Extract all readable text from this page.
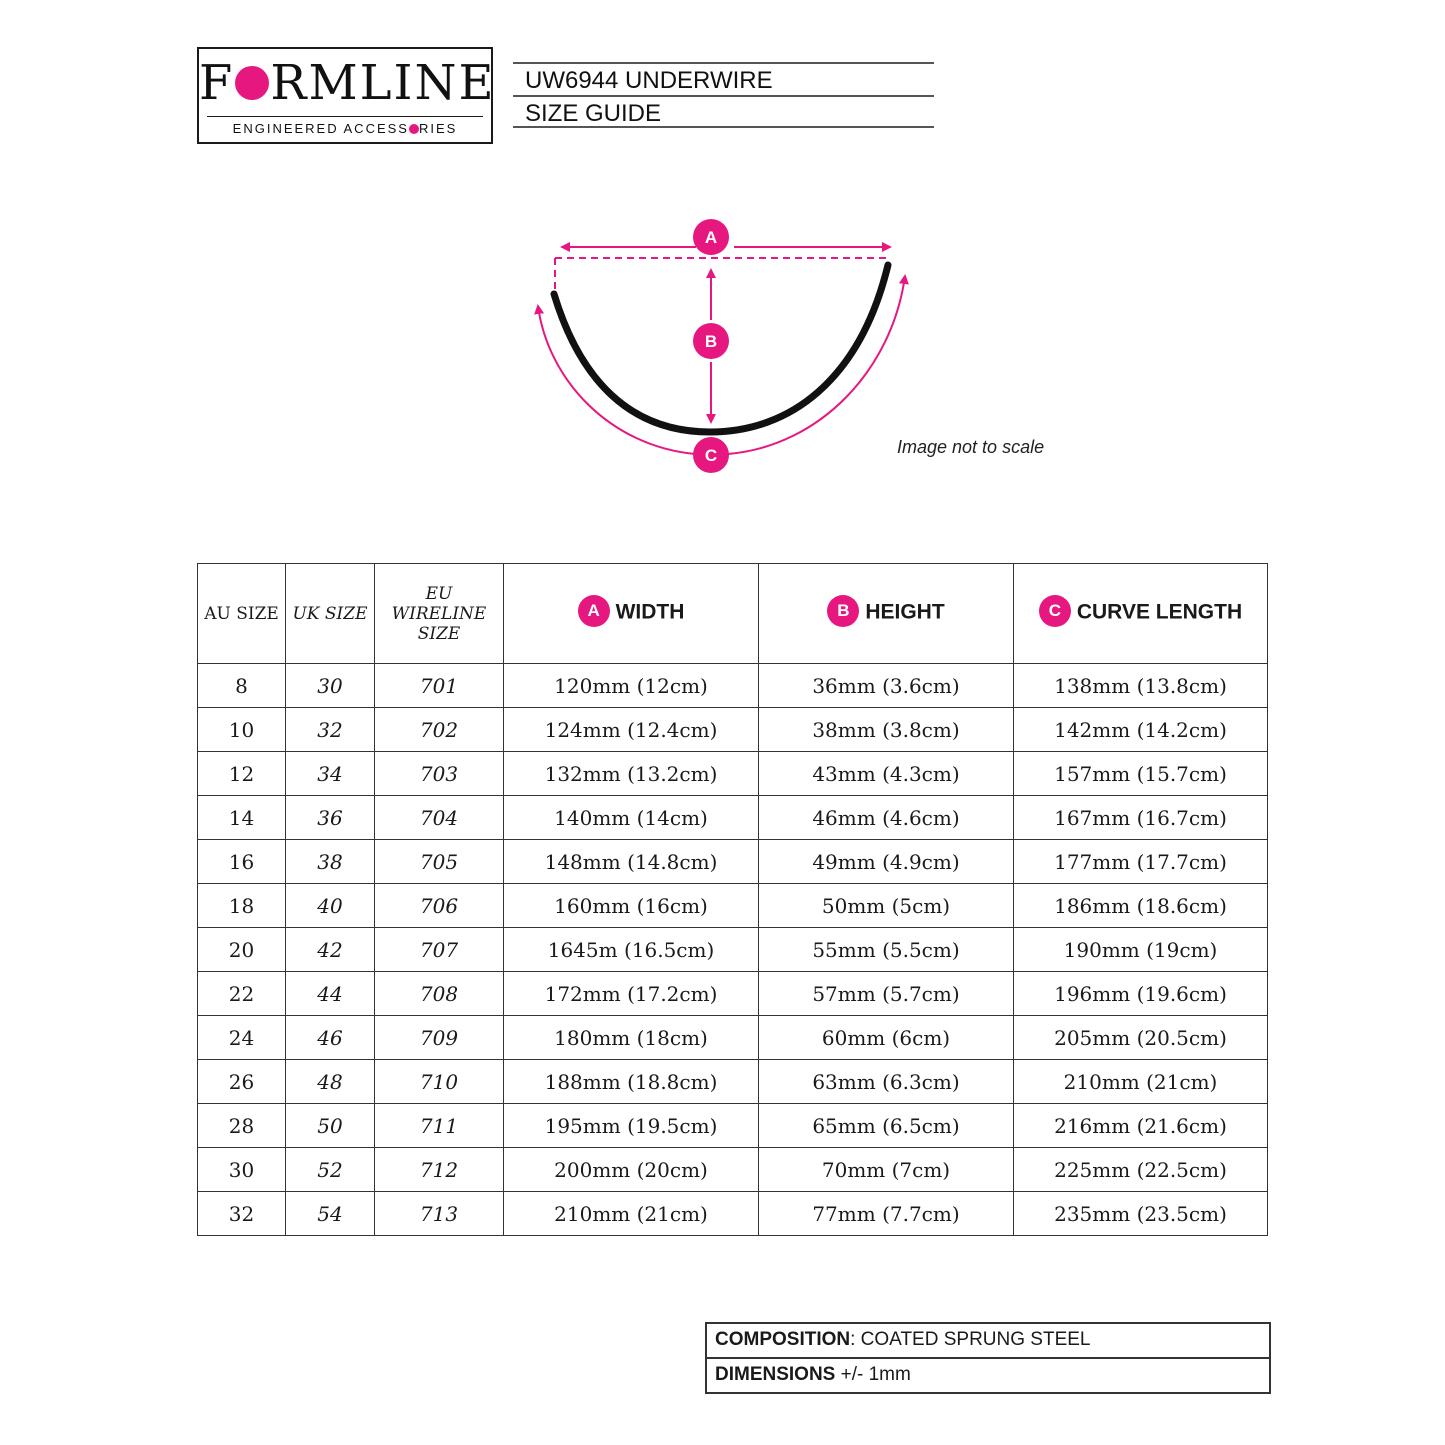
F RMLINE
ENGINEERED ACCESS RIES
UW6944 UNDERWIRE
SIZE GUIDE
A
B
C	Image not to scale
AU SIZE	UK SIZE	EU
WIRELINE
SIZE	A WIDTH	B HEIGHT	C CURVE LENGTH
8	30	701	120mm (12cm)	36mm (3.6cm)	138mm (13.8cm)
10	32	702	124mm (12.4cm)	38mm (3.8cm)	142mm (14.2cm)
12	34	703	132mm (13.2cm)	43mm (4.3cm)	157mm (15.7cm)
14	36	704	140mm (14cm)	46mm (4.6cm)	167mm (16.7cm)
16	38	705	148mm (14.8cm)	49mm (4.9cm)	177mm (17.7cm)
18	40	706	160mm (16cm)	50mm (5cm)	186mm (18.6cm)
20	42	707	1645m (16.5cm)	55mm (5.5cm)	190mm (19cm)
22	44	708	172mm (17.2cm)	57mm (5.7cm)	196mm (19.6cm)
24	46	709	180mm (18cm)	60mm (6cm)	205mm (20.5cm)
26	48	710	188mm (18.8cm)	63mm (6.3cm)	210mm (21cm)
28	50	711	195mm (19.5cm)	65mm (6.5cm)	216mm (21.6cm)
30	52	712	200mm (20cm)	70mm (7cm)	225mm (22.5cm)
32	54	713	210mm (21cm)	77mm (7.7cm)	235mm (23.5cm)
COMPOSITION: COATED SPRUNG STEEL
DIMENSIONS +/- 1mm
